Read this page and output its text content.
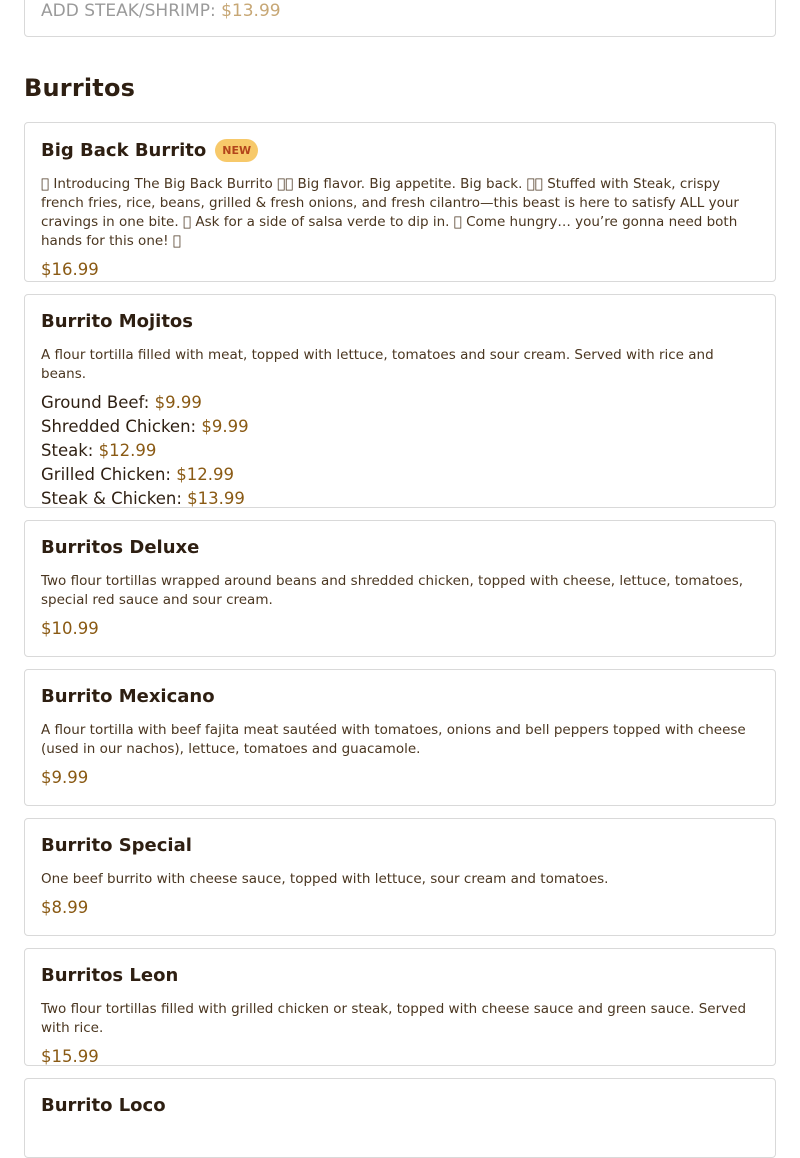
ADD STEAK/SHRIMP: $13.99
Burritos
Big Back Burrito	NEW
  Introducing The Big Back Burrito    Big flavor. Big appetite. Big back.    Stuffed with Steak, crispy french fries, rice, beans, grilled & fresh onions, and fresh cilantro—this beast is here to satisfy ALL your cravings in one bite.   Ask for a side of salsa verde to dip in.   Come hungry… you’re gonna need both hands for this one!  
$16.99
Burrito Mojitos
A flour tortilla filled with meat, topped with lettuce, tomatoes and sour cream. Served with rice and beans.
Ground Beef: $9.99
Shredded Chicken: $9.99
Steak: $12.99
Grilled Chicken: $12.99
Steak & Chicken: $13.99
Burritos Deluxe
Two flour tortillas wrapped around beans and shredded chicken, topped with cheese, lettuce, tomatoes, special red sauce and sour cream.
$10.99
Burrito Mexicano
A flour tortilla with beef fajita meat sautéed with tomatoes, onions and bell peppers topped with cheese (used in our nachos), lettuce, tomatoes and guacamole.
$9.99
Burrito Special
One beef burrito with cheese sauce, topped with lettuce, sour cream and tomatoes.
$8.99
Burritos Leon
Two flour tortillas filled with grilled chicken or steak, topped with cheese sauce and green sauce. Served with rice.
$15.99
Burrito Loco
